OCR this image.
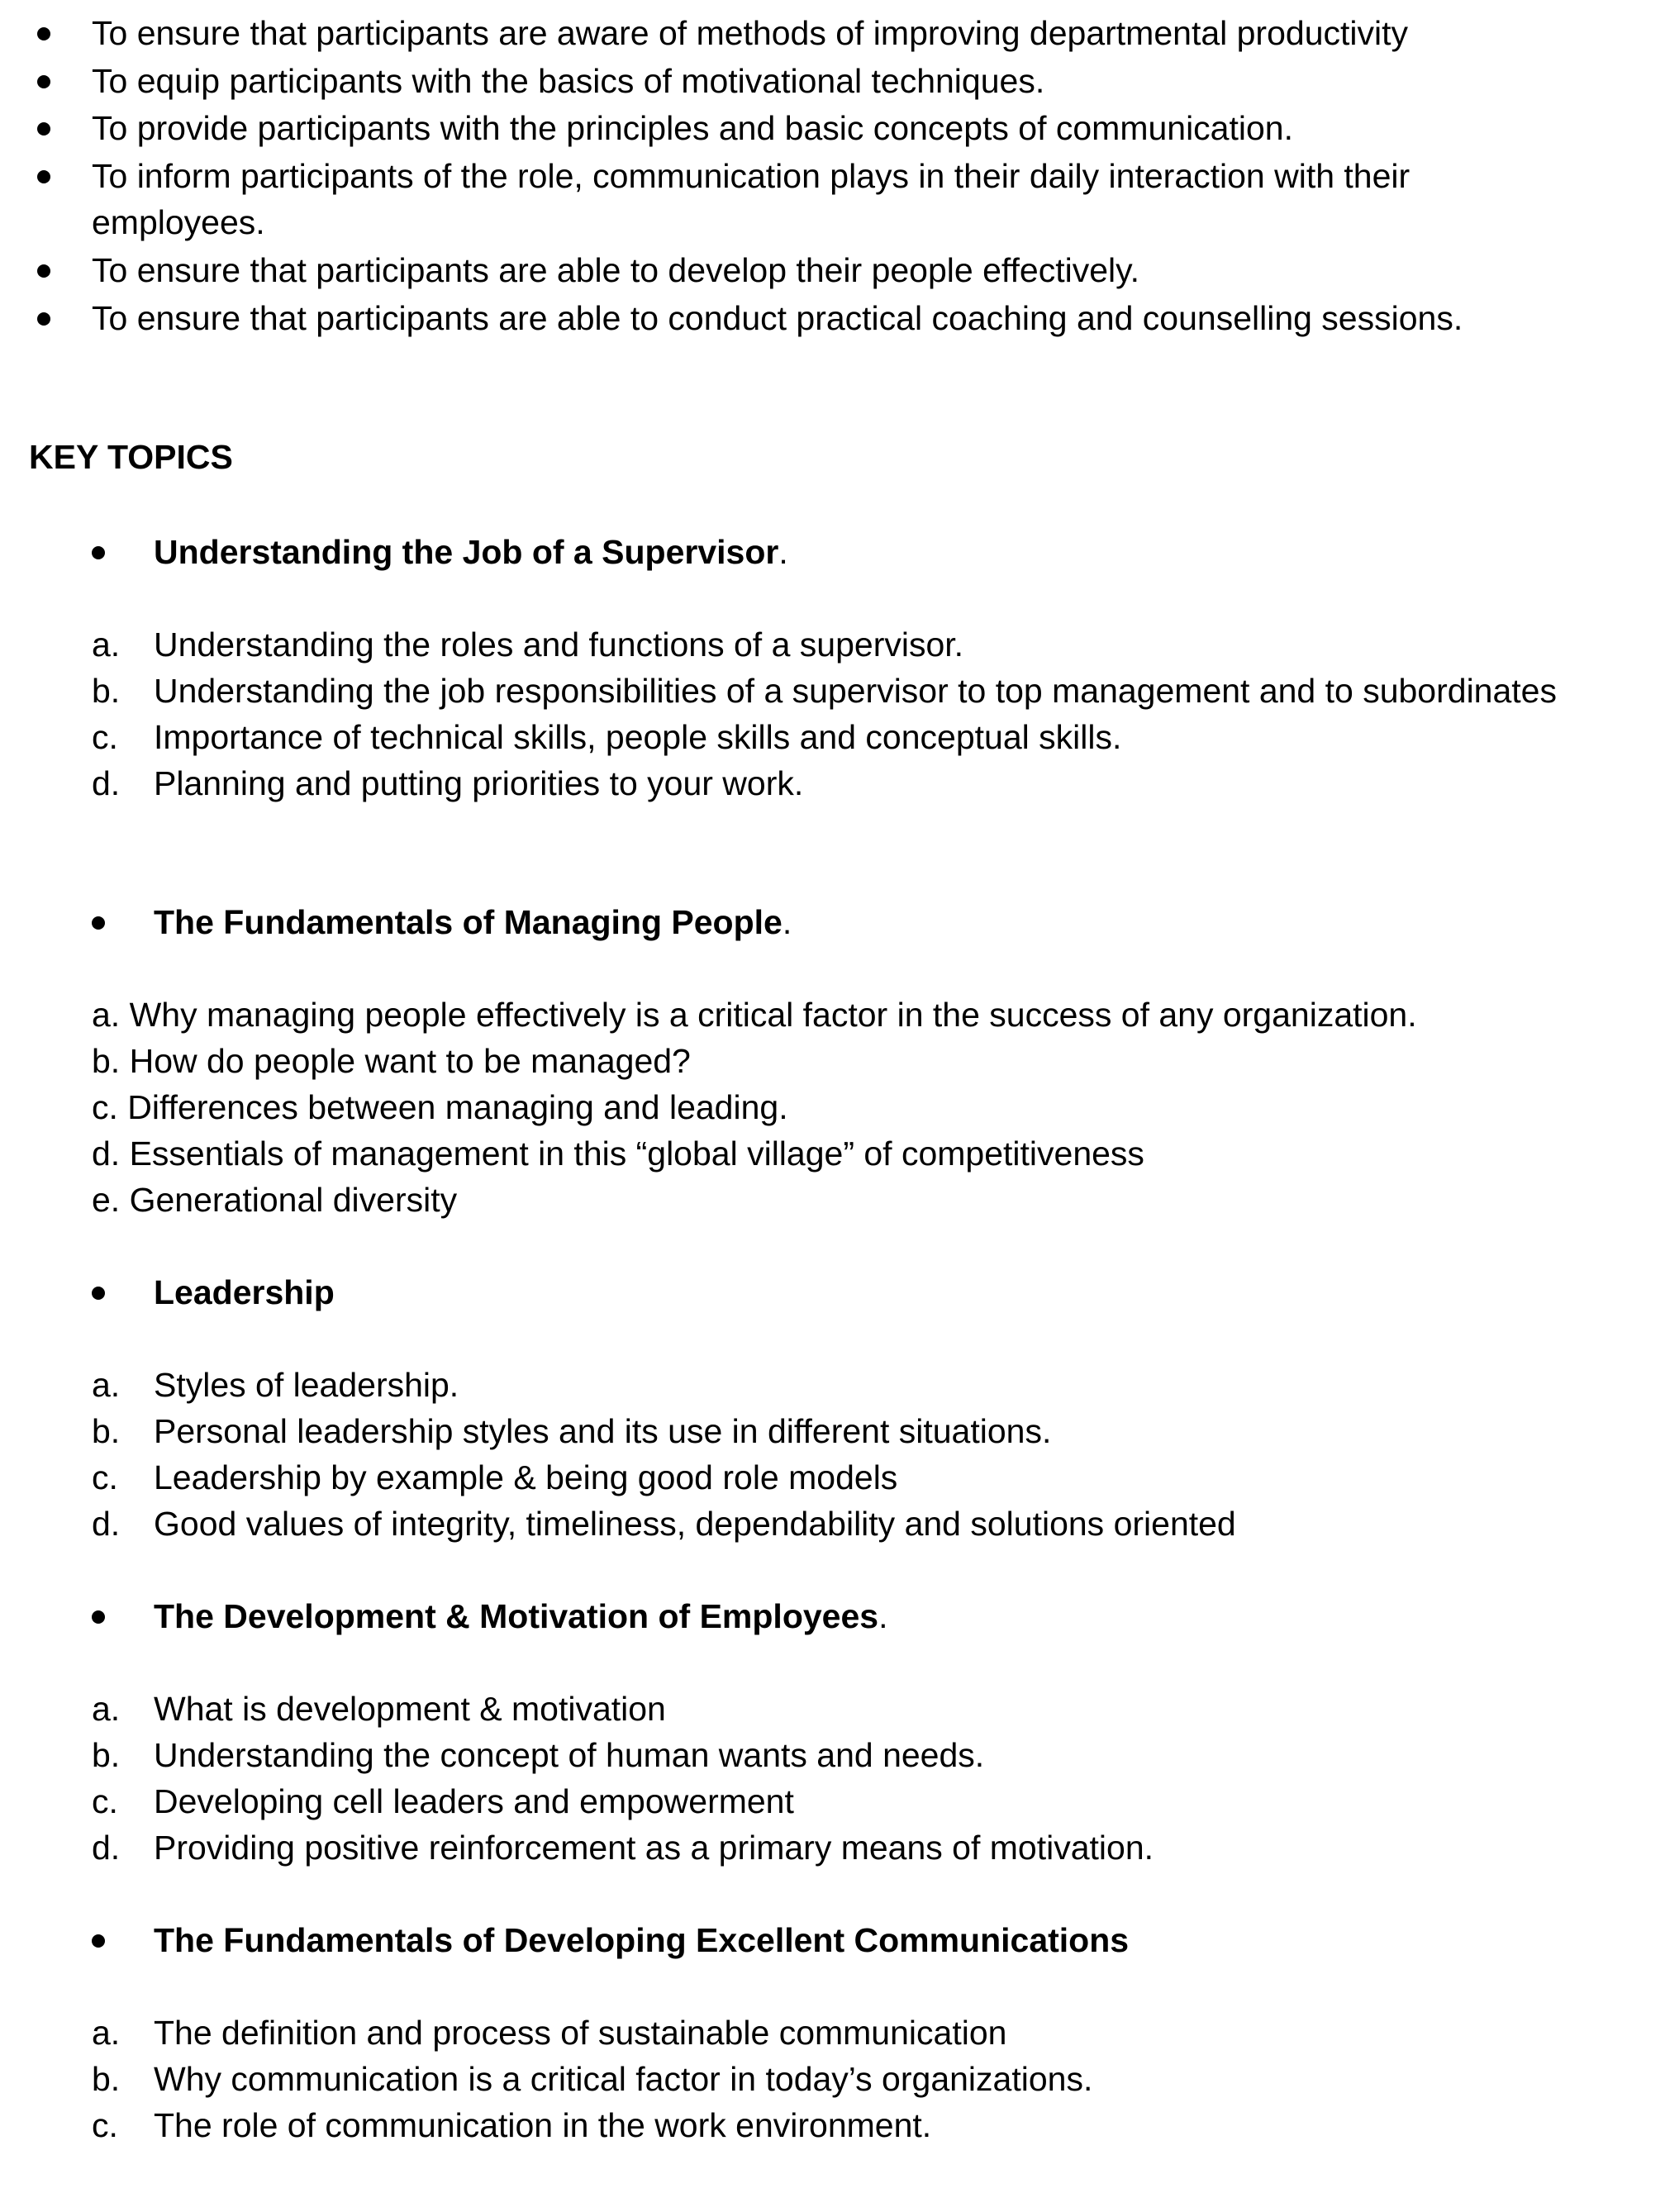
To ensure that participants are aware of methods of improving departmental productivity
To equip participants with the basics of motivational techniques.
To provide participants with the principles and basic concepts of communication.
To inform participants of the role, communication plays in their daily interaction with their
employees.
To ensure that participants are able to develop their people effectively.
To ensure that participants are able to conduct practical coaching and counselling sessions.
KEY TOPICS
Understanding the Job of a Supervisor.
a. Understanding the roles and functions of a supervisor.
b. Understanding the job responsibilities of a supervisor to top management and to subordinates
c. Importance of technical skills, people skills and conceptual skills.
d. Planning and putting priorities to your work.
The Fundamentals of Managing People.
a. Why managing people effectively is a critical factor in the success of any organization.
b. How do people want to be managed?
c. Differences between managing and leading.
d. Essentials of management in this “global village” of competitiveness
e. Generational diversity
Leadership
a. Styles of leadership.
b. Personal leadership styles and its use in different situations.
c. Leadership by example & being good role models
d. Good values of integrity, timeliness, dependability and solutions oriented
The Development & Motivation of Employees.
a. What is development & motivation
b. Understanding the concept of human wants and needs.
c. Developing cell leaders and empowerment
d. Providing positive reinforcement as a primary means of motivation.
The Fundamentals of Developing Excellent Communications
a. The definition and process of sustainable communication
b. Why communication is a critical factor in today’s organizations.
c. The role of communication in the work environment.
